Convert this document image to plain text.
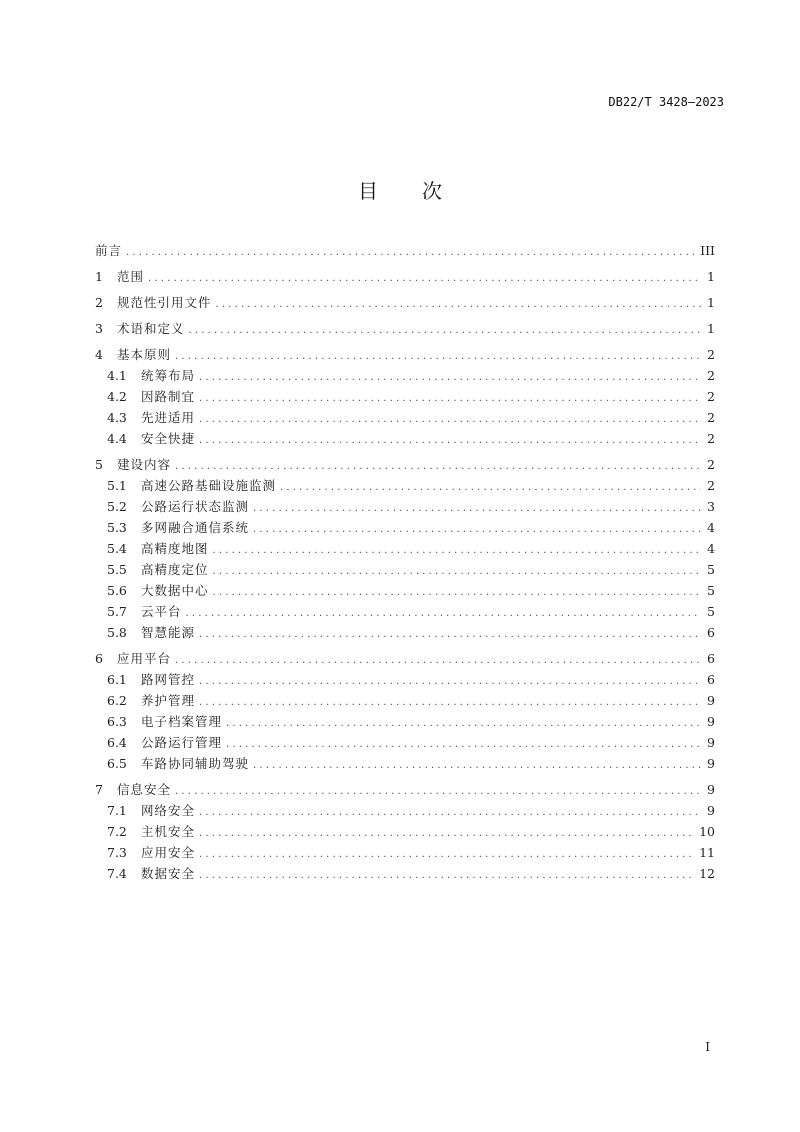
DB22/T 3428—2023
目 次
前言 . . .	III
1	范围 . . .	1
2	规范性引用文件 . . .	1
3	术语和定义 . . .	1
4	基本原则 . . .	2
4.1	统筹布局 . . .	2
4.2	因路制宜 . . .	2
4.3	先进适用 . . .	2
4.4	安全快捷 . . .	2
5	建设内容 . . .	2
5.1	高速公路基础设施监测 . . .	2
5.2	公路运行状态监测 . . .	3
5.3	多网融合通信系统 . . .	4
5.4	高精度地图 . . .	4
5.5	高精度定位 . . .	5
5.6	大数据中心 . . .	5
5.7	云平台 . . .	5
5.8	智慧能源 . . .	6
6	应用平台 . . .	6
6.1	路网管控 . . .	6
6.2	养护管理 . . .	9
6.3	电子档案管理 . . .	9
6.4	公路运行管理 . . .	9
6.5	车路协同辅助驾驶 . . .	9
7	信息安全 . . .	9
7.1	网络安全 . . .	9
7.2	主机安全 . . .	10
7.3	应用安全 . . .	11
7.4	数据安全 . . .	12
I
